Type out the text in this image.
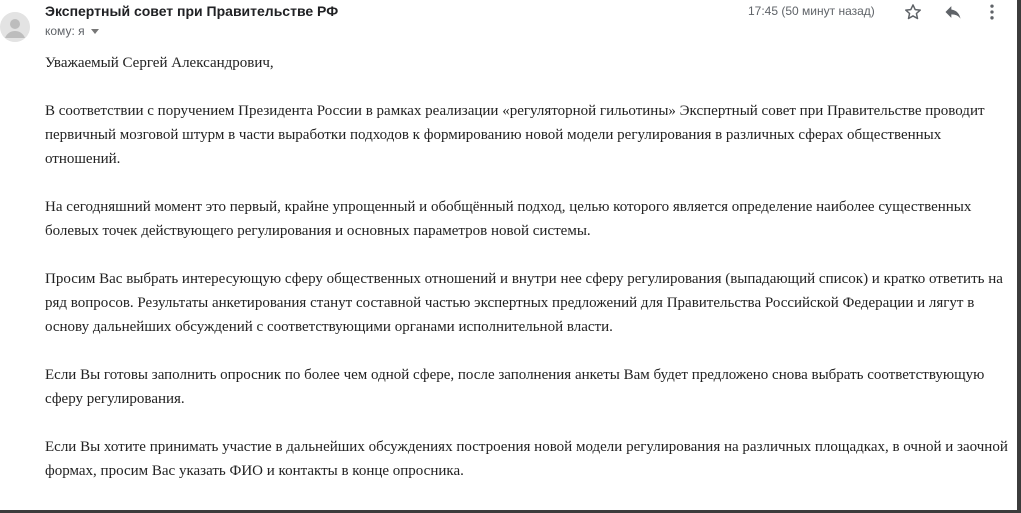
Экспертный совет при Правительстве РФ
кому: я
17:45 (50 минут назад)

Уважаемый Сергей Александрович,

В соответствии с поручением Президента России в рамках реализации «регуляторной гильотины» Экспертный совет при Правительстве проводит первичный мозговой штурм в части выработки подходов к формированию новой модели регулирования в различных сферах общественных отношений.

На сегодняшний момент это первый, крайне упрощенный и обобщённый подход, целью которого является определение наиболее существенных болевых точек действующего регулирования и основных параметров новой системы.

Просим Вас выбрать интересующую сферу общественных отношений и внутри нее сферу регулирования (выпадающий список) и кратко ответить на ряд вопросов. Результаты анкетирования станут составной частью экспертных предложений для Правительства Российской Федерации и лягут в основу дальнейших обсуждений с соответствующими органами исполнительной власти.

Если Вы готовы заполнить опросник по более чем одной сфере, после заполнения анкеты Вам будет предложено снова выбрать соответствующую сферу регулирования.

Если Вы хотите принимать участие в дальнейших обсуждениях построения новой модели регулирования на различных площадках, в очной и заочной формах, просим Вас указать ФИО и контакты в конце опросника.
